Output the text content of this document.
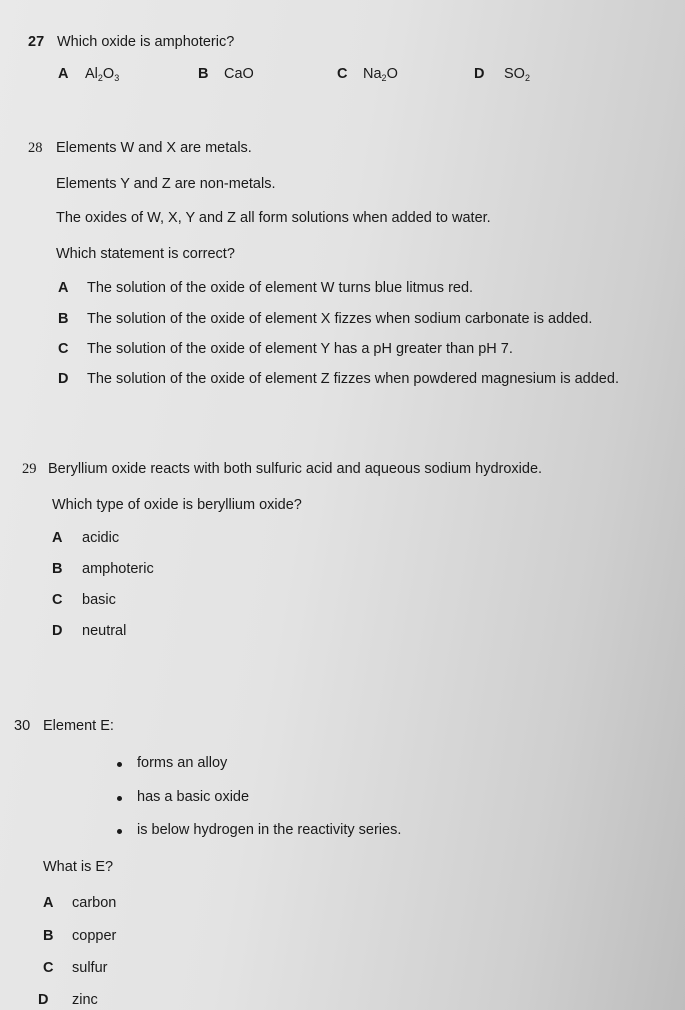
27 Which oxide is amphoteric?
A $Al_2O_3$	B CaO	C $Na_2O$	D $SO_2$
28 Elements W and X are metals.
Elements Y and Z are non-metals.
The oxides of W, X, Y and Z all form solutions when added to water.
Which statement is correct?
A The solution of the oxide of element W turns blue litmus red.
B The solution of the oxide of element X fizzes when sodium carbonate is added.
C The solution of the oxide of element Y has a pH greater than pH 7.
D The solution of the oxide of element Z fizzes when powdered magnesium is added.
29 Beryllium oxide reacts with both sulfuric acid and aqueous sodium hydroxide.
Which type of oxide is beryllium oxide?
A acidic
B amphoteric
C basic
D neutral
30 Element E:
forms an alloy
has a basic oxide
is below hydrogen in the reactivity series.
What is E?
A carbon
B copper
C sulfur
D zinc
